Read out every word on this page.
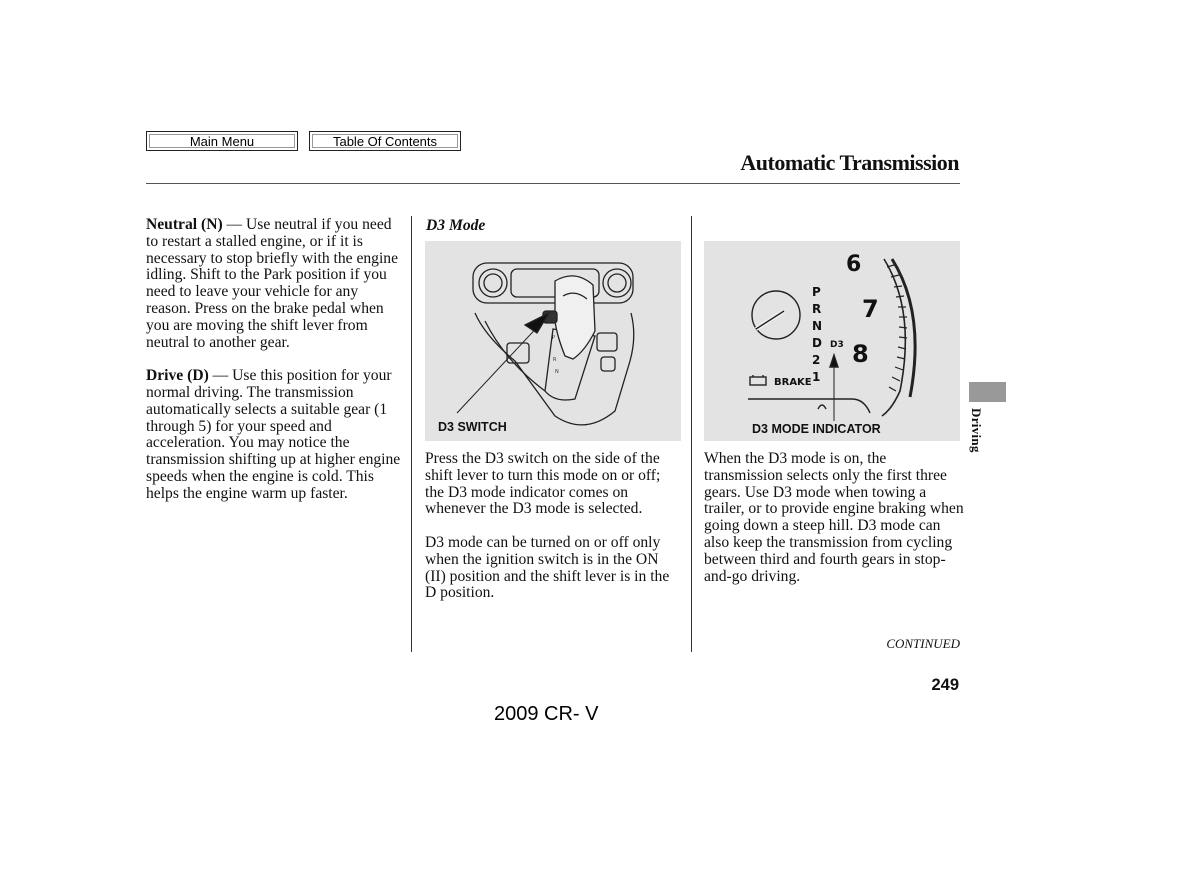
Main Menu	Table Of Contents
Automatic Transmission

Neutral (N) — Use neutral if you need to restart a stalled engine, or if it is necessary to stop briefly with the engine idling. Shift to the Park position if you need to leave your vehicle for any reason. Press on the brake pedal when you are moving the shift lever from neutral to another gear.

Drive (D) — Use this position for your normal driving. The transmission automatically selects a suitable gear (1 through 5) for your speed and acceleration. You may notice the transmission shifting up at higher engine speeds when the engine is cold. This helps the engine warm up faster.

D3 Mode
P
R
N
D3 SWITCH

Press the D3 switch on the side of the shift lever to turn this mode on or off; the D3 mode indicator comes on whenever the D3 mode is selected.

D3 mode can be turned on or off only when the ignition switch is in the ON (II) position and the shift lever is in the D position.

P
R
N
D
2
1
D3
BRAKE
6
7
8
D3 MODE INDICATOR

When the D3 mode is on, the transmission selects only the first three gears. Use D3 mode when towing a trailer, or to provide engine braking when going down a steep hill. D3 mode can also keep the transmission from cycling between third and fourth gears in stop-and-go driving.

Driving
CONTINUED
249
2009 CR- V
